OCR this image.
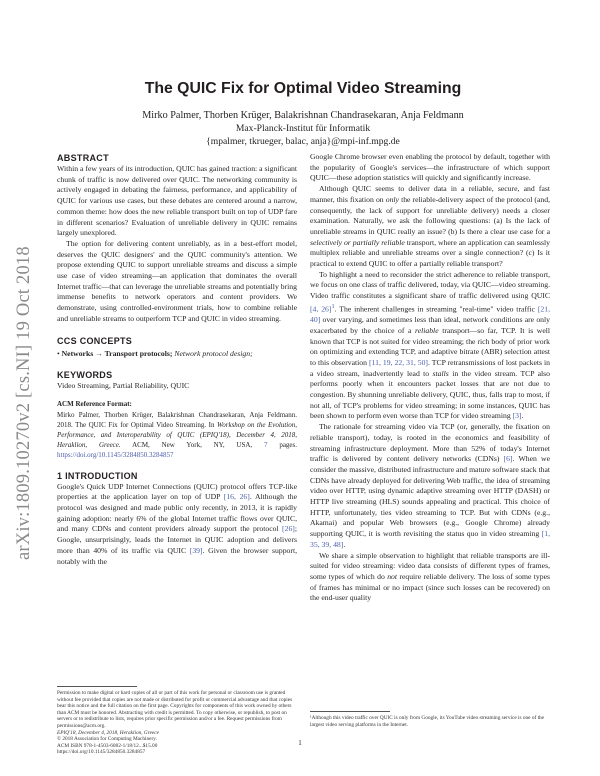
arXiv:1809.10270v2 [cs.NI] 19 Oct 2018
The QUIC Fix for Optimal Video Streaming
Mirko Palmer, Thorben Krüger, Balakrishnan Chandrasekaran, Anja Feldmann
Max-Planck-Institut für Informatik
{mpalmer, tkrueger, balac, anja}@mpi-inf.mpg.de
ABSTRACT

Within a few years of its introduction, QUIC has gained traction: a significant chunk of traffic is now delivered over QUIC. The networking community is actively engaged in debating the fairness, performance, and applicability of QUIC for various use cases, but these debates are centered around a narrow, common theme: how does the new reliable transport built on top of UDP fare in different scenarios? Evaluation of unreliable delivery in QUIC remains largely unexplored.

The option for delivering content unreliably, as in a best-effort model, deserves the QUIC designers' and the QUIC community's attention. We propose extending QUIC to support unreliable streams and discuss a simple use case of video streaming—an application that dominates the overall Internet traffic—that can leverage the unreliable streams and potentially bring immense benefits to network operators and content providers. We demonstrate, using controlled-environment trials, how to combine reliable and unreliable streams to outperform TCP and QUIC in video streaming.

CCS CONCEPTS

• Networks → Transport protocols; Network protocol design;

KEYWORDS

Video Streaming, Partial Reliability, QUIC

ACM Reference Format:

Mirko Palmer, Thorben Krüger, Balakrishnan Chandrasekaran, Anja Feldmann. 2018. The QUIC Fix for Optimal Video Streaming. In Workshop on the Evolution, Performance, and Interoperability of QUIC (EPIQ'18), December 4, 2018, Heraklion, Greece. ACM, New York, NY, USA, 7 pages. https://doi.org/10.1145/3284850.3284857

1 INTRODUCTION

Google's Quick UDP Internet Connections (QUIC) protocol offers TCP-like properties at the application layer on top of UDP [16, 26]. Although the protocol was designed and made public only recently, in 2013, it is rapidly gaining adoption: nearly 6% of the global Internet traffic flows over QUIC, and many CDNs and content providers already support the protocol [26]; Google, unsurprisingly, leads the Internet in QUIC adoption and delivers more than 40% of its traffic via QUIC [39]. Given the browser support, notably with the

Permission to make digital or hard copies of all or part of this work for personal or classroom use is granted without fee provided that copies are not made or distributed for profit or commercial advantage and that copies bear this notice and the full citation on the first page. Copyrights for components of this work owned by others than ACM must be honored. Abstracting with credit is permitted. To copy otherwise, or republish, to post on servers or to redistribute to lists, requires prior specific permission and/or a fee. Request permissions from permissions@acm.org.

EPIQ'18, December 4, 2018, Heraklion, Greece

© 2018 Association for Computing Machinery.

ACM ISBN 978-1-4503-6082-1/18/12...$15.00

https://doi.org/10.1145/3284850.3284857

Google Chrome browser even enabling the protocol by default, together with the popularity of Google's services—the infrastructure of which support QUIC—these adoption statistics will quickly and significantly increase.

Although QUIC seems to deliver data in a reliable, secure, and fast manner, this fixation on only the reliable-delivery aspect of the protocol (and, consequently, the lack of support for unreliable delivery) needs a closer examination. Naturally, we ask the following questions: (a) Is the lack of unreliable streams in QUIC really an issue? (b) Is there a clear use case for a selectively or partially reliable transport, where an application can seamlessly multiplex reliable and unreliable streams over a single connection? (c) Is it practical to extend QUIC to offer a partially reliable transport?

To highlight a need to reconsider the strict adherence to reliable transport, we focus on one class of traffic delivered, today, via QUIC—video streaming. Video traffic constitutes a significant share of traffic delivered using QUIC [4, 26]$^1$. The inherent challenges in streaming "real-time" video traffic [21, 40] over varying, and sometimes less than ideal, network conditions are only exacerbated by the choice of a reliable transport—so far, TCP. It is well known that TCP is not suited for video streaming; the rich body of prior work on optimizing and extending TCP, and adaptive bitrate (ABR) selection attest to this observation [11, 19, 22, 31, 50]. TCP retransmissions of lost packets in a video stream, inadvertently lead to stalls in the video stream. TCP also performs poorly when it encounters packet losses that are not due to congestion. By shunning unreliable delivery, QUIC, thus, falls trap to most, if not all, of TCP's problems for video streaming; in some instances, QUIC has been shown to perform even worse than TCP for video streaming [3].

The rationale for streaming video via TCP (or, generally, the fixation on reliable transport), today, is rooted in the economics and feasibility of streaming infrastructure deployment. More than 52% of today's Internet traffic is delivered by content delivery networks (CDNs) [6]. When we consider the massive, distributed infrastructure and mature software stack that CDNs have already deployed for delivering Web traffic, the idea of streaming video over HTTP, using dynamic adaptive streaming over HTTP (DASH) or HTTP live streaming (HLS) sounds appealing and practical. This choice of HTTP, unfortunately, ties video streaming to TCP. But with CDNs (e.g., Akamai) and popular Web browsers (e.g., Google Chrome) already supporting QUIC, it is worth revisiting the status quo in video streaming [1, 35, 39, 48].

We share a simple observation to highlight that reliable transports are ill-suited for video streaming: video data consists of different types of frames, some types of which do not require reliable delivery. The loss of some types of frames has minimal or no impact (since such losses can be recovered) on the end-user quality

¹Although this video traffic over QUIC is only from Google, its YouTube video streaming service is one of the largest video serving platforms in the Internet.

1
